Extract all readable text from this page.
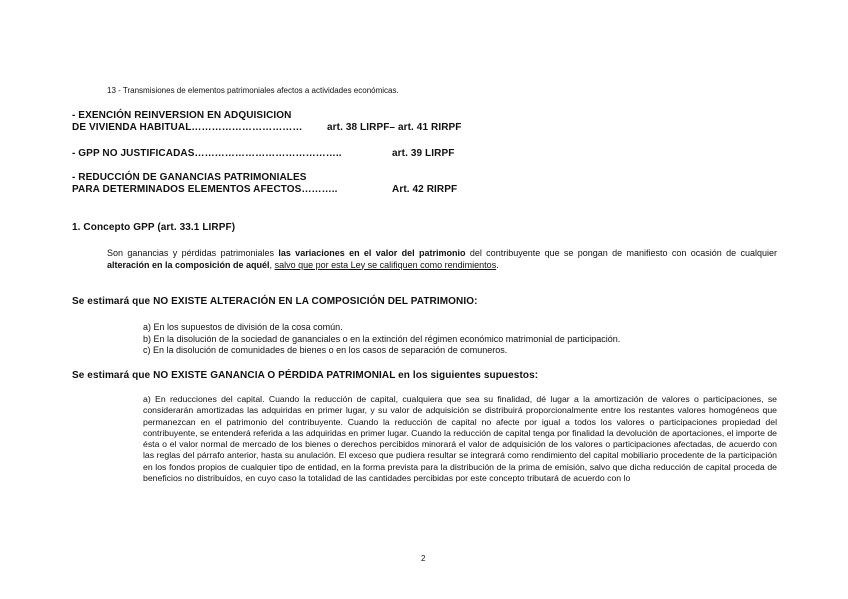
13 - Transmisiones de elementos patrimoniales afectos a actividades económicas.
- EXENCIÓN REINVERSION EN ADQUISICION
DE VIVIENDA HABITUAL…………………………… art. 38 LIRPF– art. 41 RIRPF
- GPP NO JUSTIFICADAS……………………………………..	art. 39 LIRPF
- REDUCCIÓN DE GANANCIAS PATRIMONIALES
PARA DETERMINADOS ELEMENTOS AFECTOS………..	Art. 42 RIRPF
1. Concepto GPP (art. 33.1 LIRPF)
Son ganancias y pérdidas patrimoniales las variaciones en el valor del patrimonio del contribuyente que se pongan de manifiesto con ocasión de cualquier alteración en la composición de aquél, salvo que por esta Ley se califiquen como rendimientos.
Se estimará que NO EXISTE ALTERACIÓN EN LA COMPOSICIÓN DEL PATRIMONIO:
a) En los supuestos de división de la cosa común.
b) En la disolución de la sociedad de gananciales o en la extinción del régimen económico matrimonial de participación.
c) En la disolución de comunidades de bienes o en los casos de separación de comuneros.
Se estimará que NO EXISTE GANANCIA O PÉRDIDA PATRIMONIAL en los siguientes supuestos:
a) En reducciones del capital. Cuando la reducción de capital, cualquiera que sea su finalidad, dé lugar a la amortización de valores o participaciones, se considerarán amortizadas las adquiridas en primer lugar, y su valor de adquisición se distribuirá proporcionalmente entre los restantes valores homogéneos que permanezcan en el patrimonio del contribuyente. Cuando la reducción de capital no afecte por igual a todos los valores o participaciones propiedad del contribuyente, se entenderá referida a las adquiridas en primer lugar. Cuando la reducción de capital tenga por finalidad la devolución de aportaciones, el importe de ésta o el valor normal de mercado de los bienes o derechos percibidos minorará el valor de adquisición de los valores o participaciones afectadas, de acuerdo con las reglas del párrafo anterior, hasta su anulación. El exceso que pudiera resultar se integrará como rendimiento del capital mobiliario procedente de la participación en los fondos propios de cualquier tipo de entidad, en la forma prevista para la distribución de la prima de emisión, salvo que dicha reducción de capital proceda de beneficios no distribuidos, en cuyo caso la totalidad de las cantidades percibidas por este concepto tributará de acuerdo con lo
2
